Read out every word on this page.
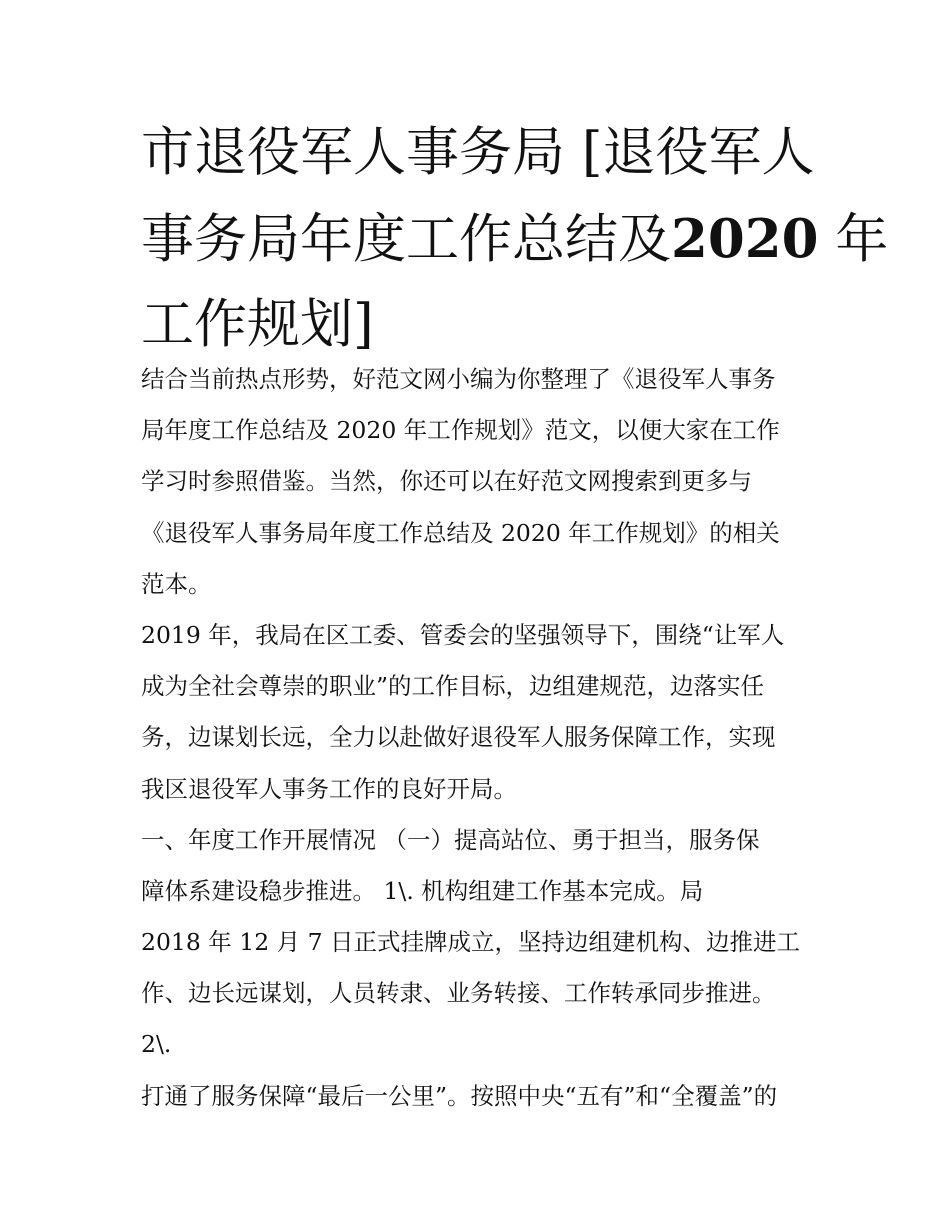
市退役军人事务局 [退役军人
事务局年度工作总结及2020 年
工作规划]
结合当前热点形势，好范文网小编为你整理了《退役军人事务
局年度工作总结及 2020 年工作规划》范文，以便大家在工作
学习时参照借鉴。当然，你还可以在好范文网搜索到更多与
《退役军人事务局年度工作总结及 2020 年工作规划》的相关
范本。
2019 年，我局在区工委、管委会的坚强领导下，围绕“让军人
成为全社会尊崇的职业”的工作目标，边组建规范，边落实任
务，边谋划长远，全力以赴做好退役军人服务保障工作，实现
我区退役军人事务工作的良好开局。
一、年度工作开展情况 （一）提高站位、勇于担当，服务保
障体系建设稳步推进。 1\. 机构组建工作基本完成。局
2018 年 12 月 7 日正式挂牌成立，坚持边组建机构、边推进工
作、边长远谋划，人员转隶、业务转接、工作转承同步推进。
2\.
打通了服务保障“最后一公里”。按照中央“五有”和“全覆盖”的
